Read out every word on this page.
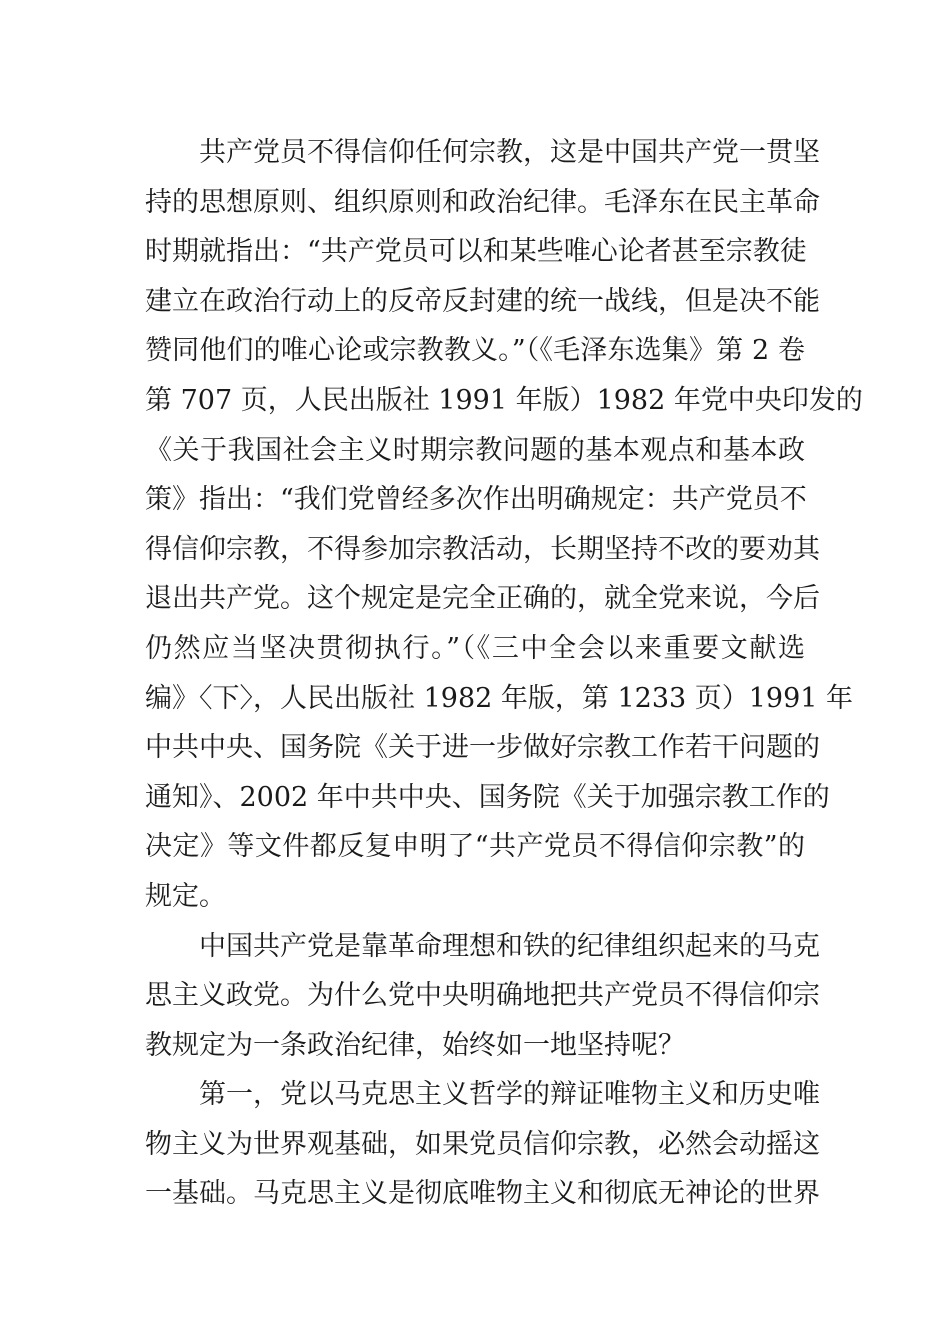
共产党员不得信仰任何宗教，这是中国共产党一贯坚
持的思想原则、组织原则和政治纪律。毛泽东在民主革命
时期就指出：“共产党员可以和某些唯心论者甚至宗教徒
建立在政治行动上的反帝反封建的统一战线，但是决不能
赞同他们的唯心论或宗教教义。”（《毛泽东选集》第 2 卷
第 707 页，人民出版社 1991 年版）1982 年党中央印发的
《关于我国社会主义时期宗教问题的基本观点和基本政
策》指出：“我们党曾经多次作出明确规定：共产党员不
得信仰宗教，不得参加宗教活动，长期坚持不改的要劝其
退出共产党。这个规定是完全正确的，就全党来说，今后
仍然应当坚决贯彻执行。”（《三中全会以来重要文献选
编》〈下〉，人民出版社 1982 年版，第 1233 页）1991 年
中共中央、国务院《关于进一步做好宗教工作若干问题的
通知》、2002 年中共中央、国务院《关于加强宗教工作的
决定》等文件都反复申明了“共产党员不得信仰宗教”的
规定。
中国共产党是靠革命理想和铁的纪律组织起来的马克
思主义政党。为什么党中央明确地把共产党员不得信仰宗
教规定为一条政治纪律，始终如一地坚持呢？
第一，党以马克思主义哲学的辩证唯物主义和历史唯
物主义为世界观基础，如果党员信仰宗教，必然会动摇这
一基础。马克思主义是彻底唯物主义和彻底无神论的世界
